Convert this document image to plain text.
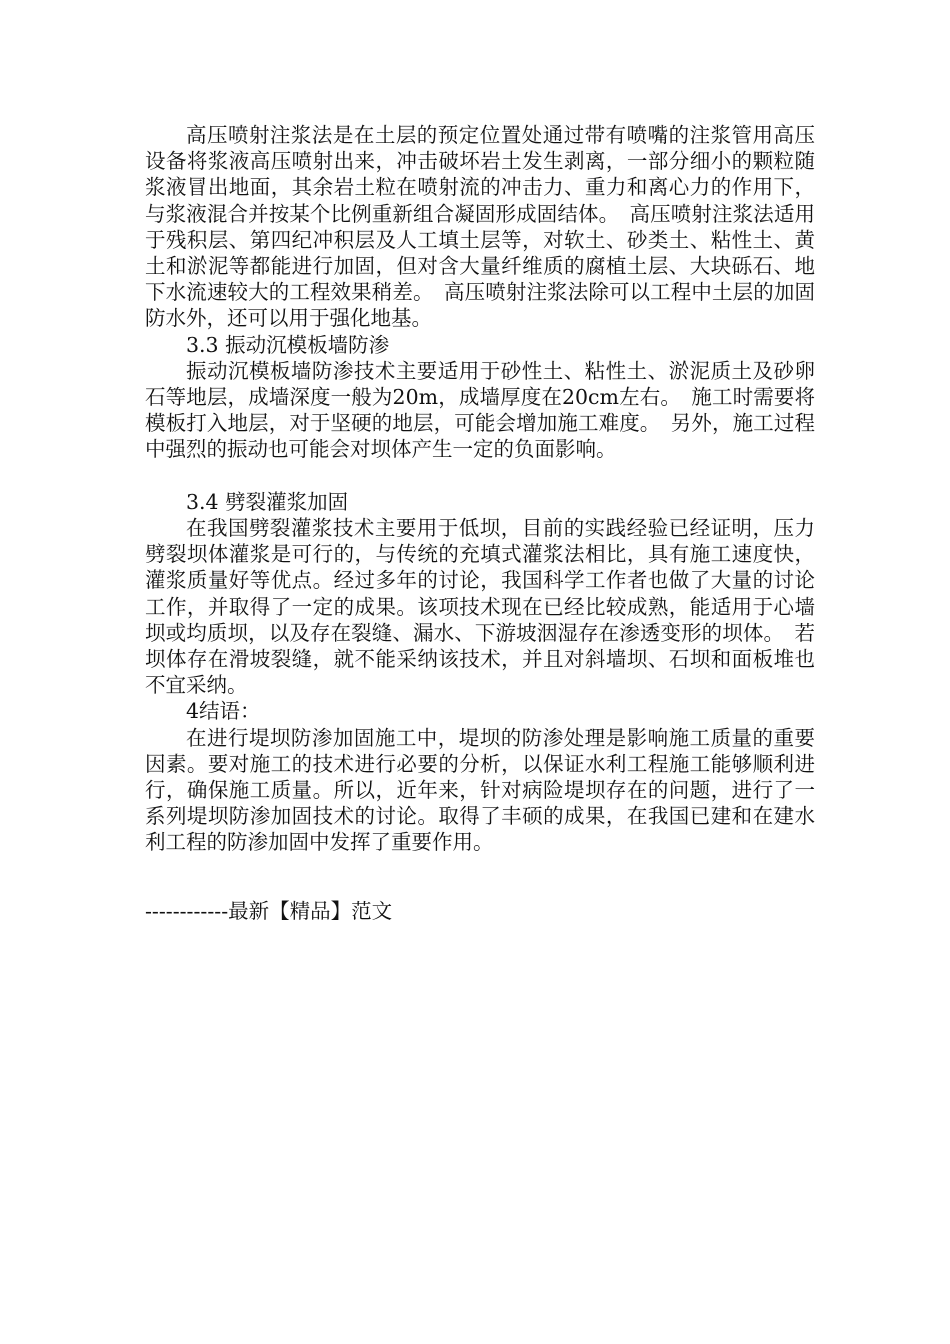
高压喷射注浆法是在土层的预定位置处通过带有喷嘴的注浆管用高压设备将浆液高压喷射出来，冲击破坏岩土发生剥离，一部分细小的颗粒随浆液冒出地面，其余岩土粒在喷射流的冲击力、重力和离心力的作用下，与浆液混合并按某个比例重新组合凝固形成固结体。　高压喷射注浆法适用于残积层、第四纪冲积层及人工填土层等，对软土、砂类土、粘性土、黄土和淤泥等都能进行加固，但对含大量纤维质的腐植土层、大块砾石、地下水流速较大的工程效果稍差。　高压喷射注浆法除可以工程中土层的加固防水外，还可以用于强化地基。

3.3 振动沉模板墙防渗

振动沉模板墙防渗技术主要适用于砂性土、粘性土、淤泥质土及砂卵石等地层，成墙深度一般为20m，成墙厚度在20cm左右。　施工时需要将模板打入地层，对于坚硬的地层，可能会增加施工难度。　另外，施工过程中强烈的振动也可能会对坝体产生一定的负面影响。

3.4 劈裂灌浆加固

在我国劈裂灌浆技术主要用于低坝，目前的实践经验已经证明，压力劈裂坝体灌浆是可行的，与传统的充填式灌浆法相比，具有施工速度快，灌浆质量好等优点。经过多年的讨论，我国科学工作者也做了大量的讨论工作，并取得了一定的成果。该项技术现在已经比较成熟，能适用于心墙坝或均质坝，以及存在裂缝、漏水、下游坡洇湿存在渗透变形的坝体。　若坝体存在滑坡裂缝，就不能采纳该技术，并且对斜墙坝、石坝和面板堆也不宜采纳。

4结语：

在进行堤坝防渗加固施工中，堤坝的防渗处理是影响施工质量的重要因素。要对施工的技术进行必要的分析，以保证水利工程施工能够顺利进行，确保施工质量。所以，近年来，针对病险堤坝存在的问题，进行了一系列堤坝防渗加固技术的讨论。取得了丰硕的成果，在我国已建和在建水利工程的防渗加固中发挥了重要作用。

------------最新【精品】范文
